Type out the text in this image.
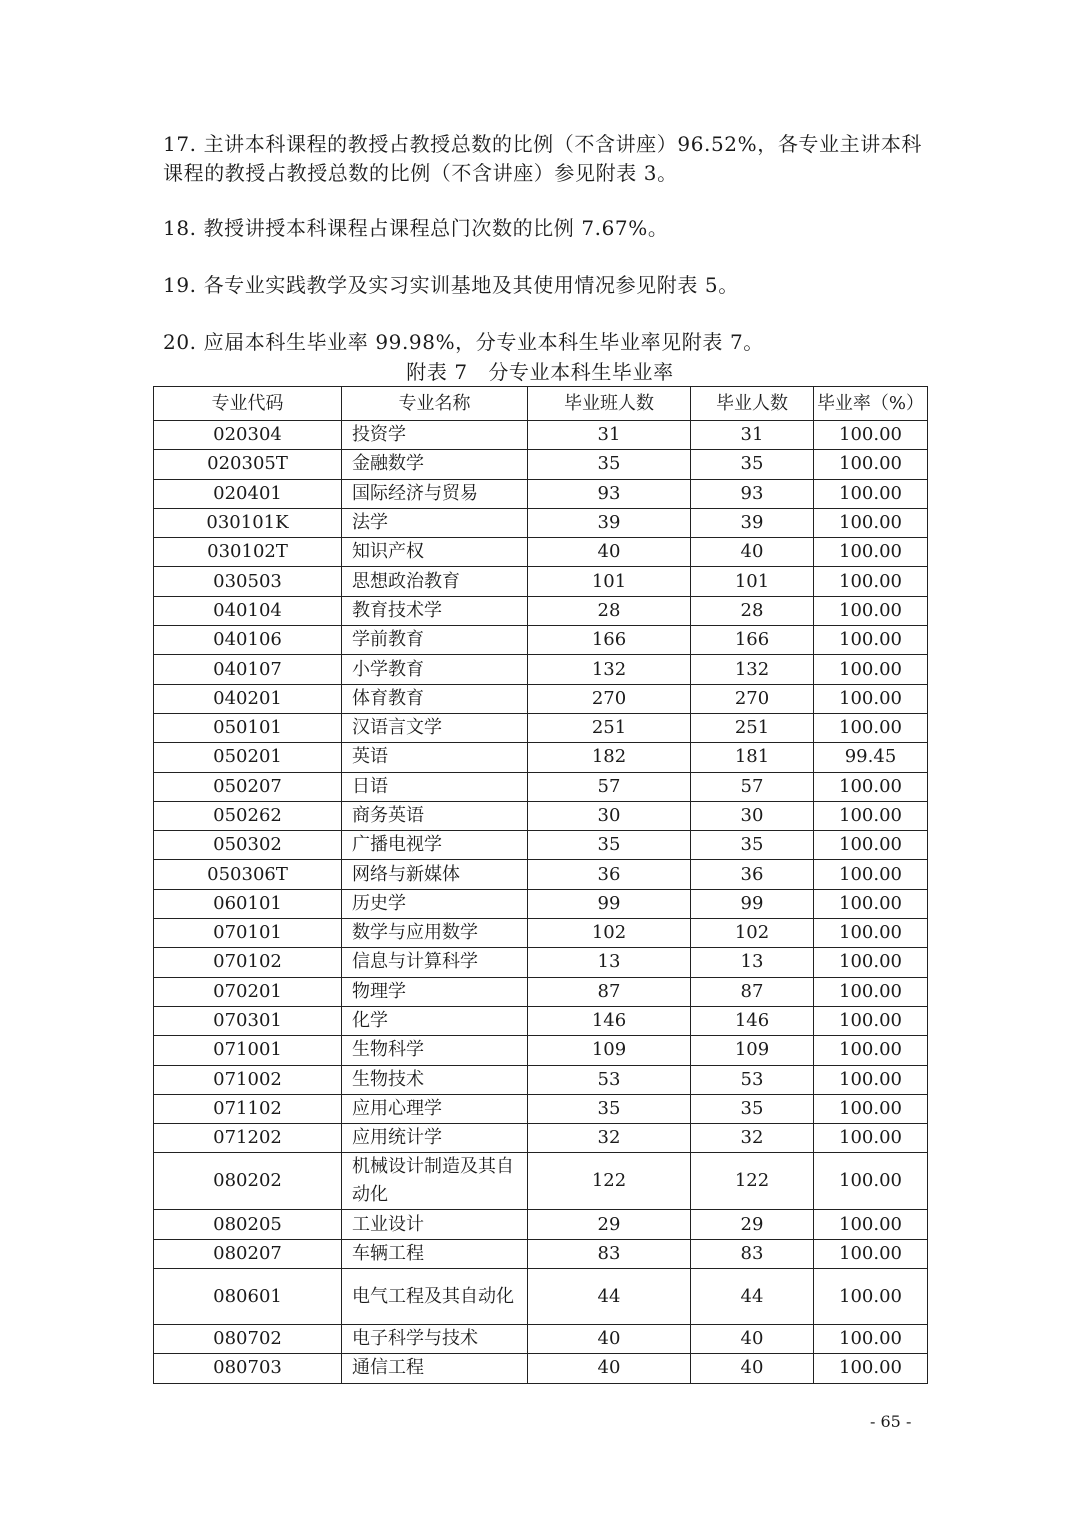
17. 主讲本科课程的教授占教授总数的比例（不含讲座）96.52%，各专业主讲本科课程的教授占教授总数的比例（不含讲座）参见附表 3。

18. 教授讲授本科课程占课程总门次数的比例 7.67%。

19. 各专业实践教学及实习实训基地及其使用情况参见附表 5。

20. 应届本科生毕业率 99.98%，分专业本科生毕业率见附表 7。

附表 7　分专业本科生毕业率
专业代码	专业名称	毕业班人数	毕业人数	毕业率（%）
020304	投资学	31	31	100.00
020305T	金融数学	35	35	100.00
020401	国际经济与贸易	93	93	100.00
030101K	法学	39	39	100.00
030102T	知识产权	40	40	100.00
030503	思想政治教育	101	101	100.00
040104	教育技术学	28	28	100.00
040106	学前教育	166	166	100.00
040107	小学教育	132	132	100.00
040201	体育教育	270	270	100.00
050101	汉语言文学	251	251	100.00
050201	英语	182	181	99.45
050207	日语	57	57	100.00
050262	商务英语	30	30	100.00
050302	广播电视学	35	35	100.00
050306T	网络与新媒体	36	36	100.00
060101	历史学	99	99	100.00
070101	数学与应用数学	102	102	100.00
070102	信息与计算科学	13	13	100.00
070201	物理学	87	87	100.00
070301	化学	146	146	100.00
071001	生物科学	109	109	100.00
071002	生物技术	53	53	100.00
071102	应用心理学	35	35	100.00
071202	应用统计学	32	32	100.00
080202	机械设计制造及其自动化	122	122	100.00
080205	工业设计	29	29	100.00
080207	车辆工程	83	83	100.00
080601	电气工程及其自动化	44	44	100.00
080702	电子科学与技术	40	40	100.00
080703	通信工程	40	40	100.00
- 65 -
